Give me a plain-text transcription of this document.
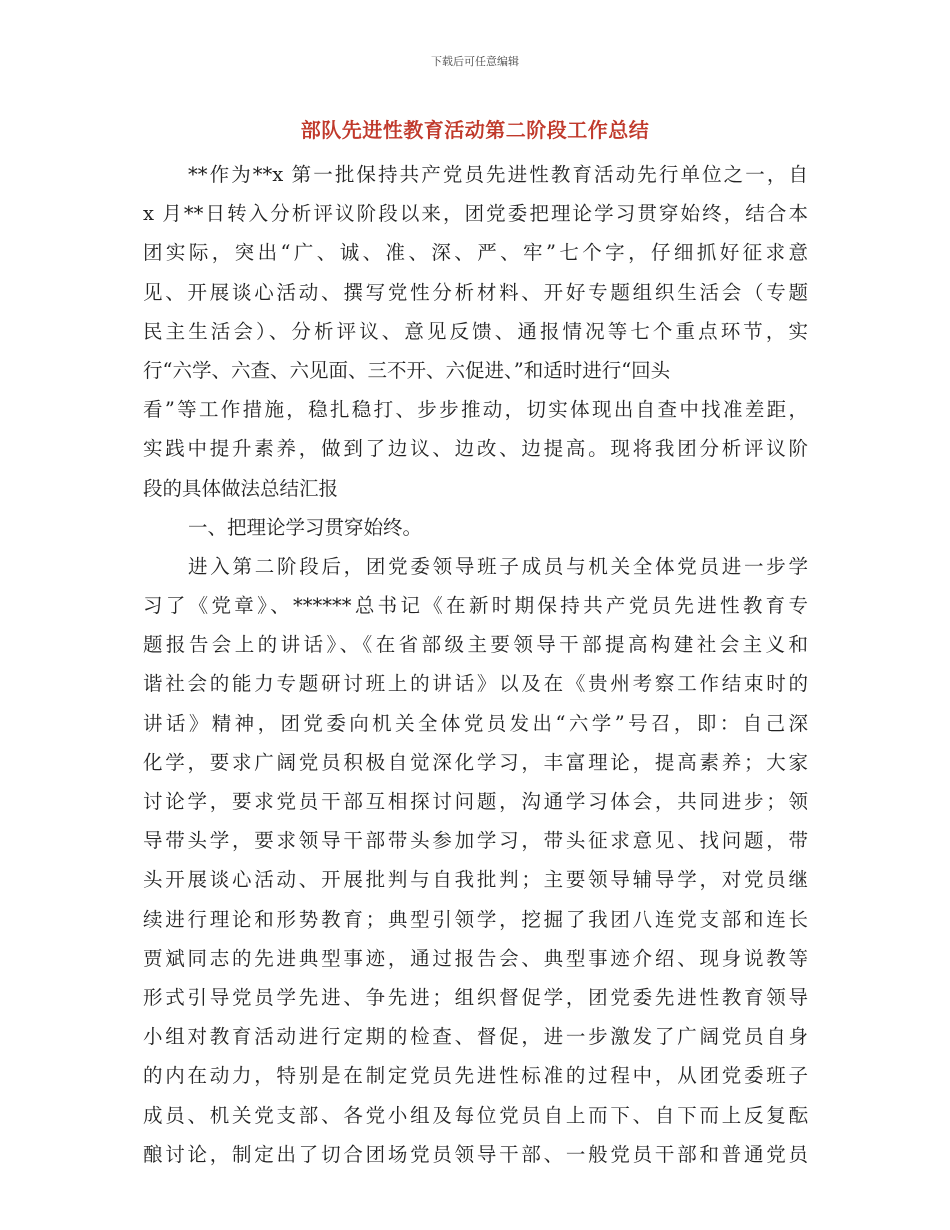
下载后可任意编辑
部队先进性教育活动第二阶段工作总结
**作为**x 第一批保持共产党员先进性教育活动先行单位之一，自
x 月**日转入分析评议阶段以来，团党委把理论学习贯穿始终，结合本
团实际，突出“广、诚、准、深、严、牢”七个字，仔细抓好征求意
见、开展谈心活动、撰写党性分析材料、开好专题组织生活会（专题
民主生活会）、分析评议、意见反馈、通报情况等七个重点环节，实
行“六学、六查、六见面、三不开、六促进、”和适时进行“回头
看”等工作措施，稳扎稳打、步步推动，切实体现出自查中找准差距，
实践中提升素养，做到了边议、边改、边提高。现将我团分析评议阶
段的具体做法总结汇报
一、把理论学习贯穿始终。
进入第二阶段后，团党委领导班子成员与机关全体党员进一步学
习了《党章》、******总书记《在新时期保持共产党员先进性教育专
题报告会上的讲话》、《在省部级主要领导干部提高构建社会主义和
谐社会的能力专题研讨班上的讲话》以及在《贵州考察工作结束时的
讲话》精神，团党委向机关全体党员发出“六学”号召，即：自己深
化学，要求广阔党员积极自觉深化学习，丰富理论，提高素养；大家
讨论学，要求党员干部互相探讨问题，沟通学习体会，共同进步；领
导带头学，要求领导干部带头参加学习，带头征求意见、找问题，带
头开展谈心活动、开展批判与自我批判；主要领导辅导学，对党员继
续进行理论和形势教育；典型引领学，挖掘了我团八连党支部和连长
贾斌同志的先进典型事迹，通过报告会、典型事迹介绍、现身说教等
形式引导党员学先进、争先进；组织督促学，团党委先进性教育领导
小组对教育活动进行定期的检查、督促，进一步激发了广阔党员自身
的内在动力，特别是在制定党员先进性标准的过程中，从团党委班子
成员、机关党支部、各党小组及每位党员自上而下、自下而上反复酝
酿讨论，制定出了切合团场党员领导干部、一般党员干部和普通党员
